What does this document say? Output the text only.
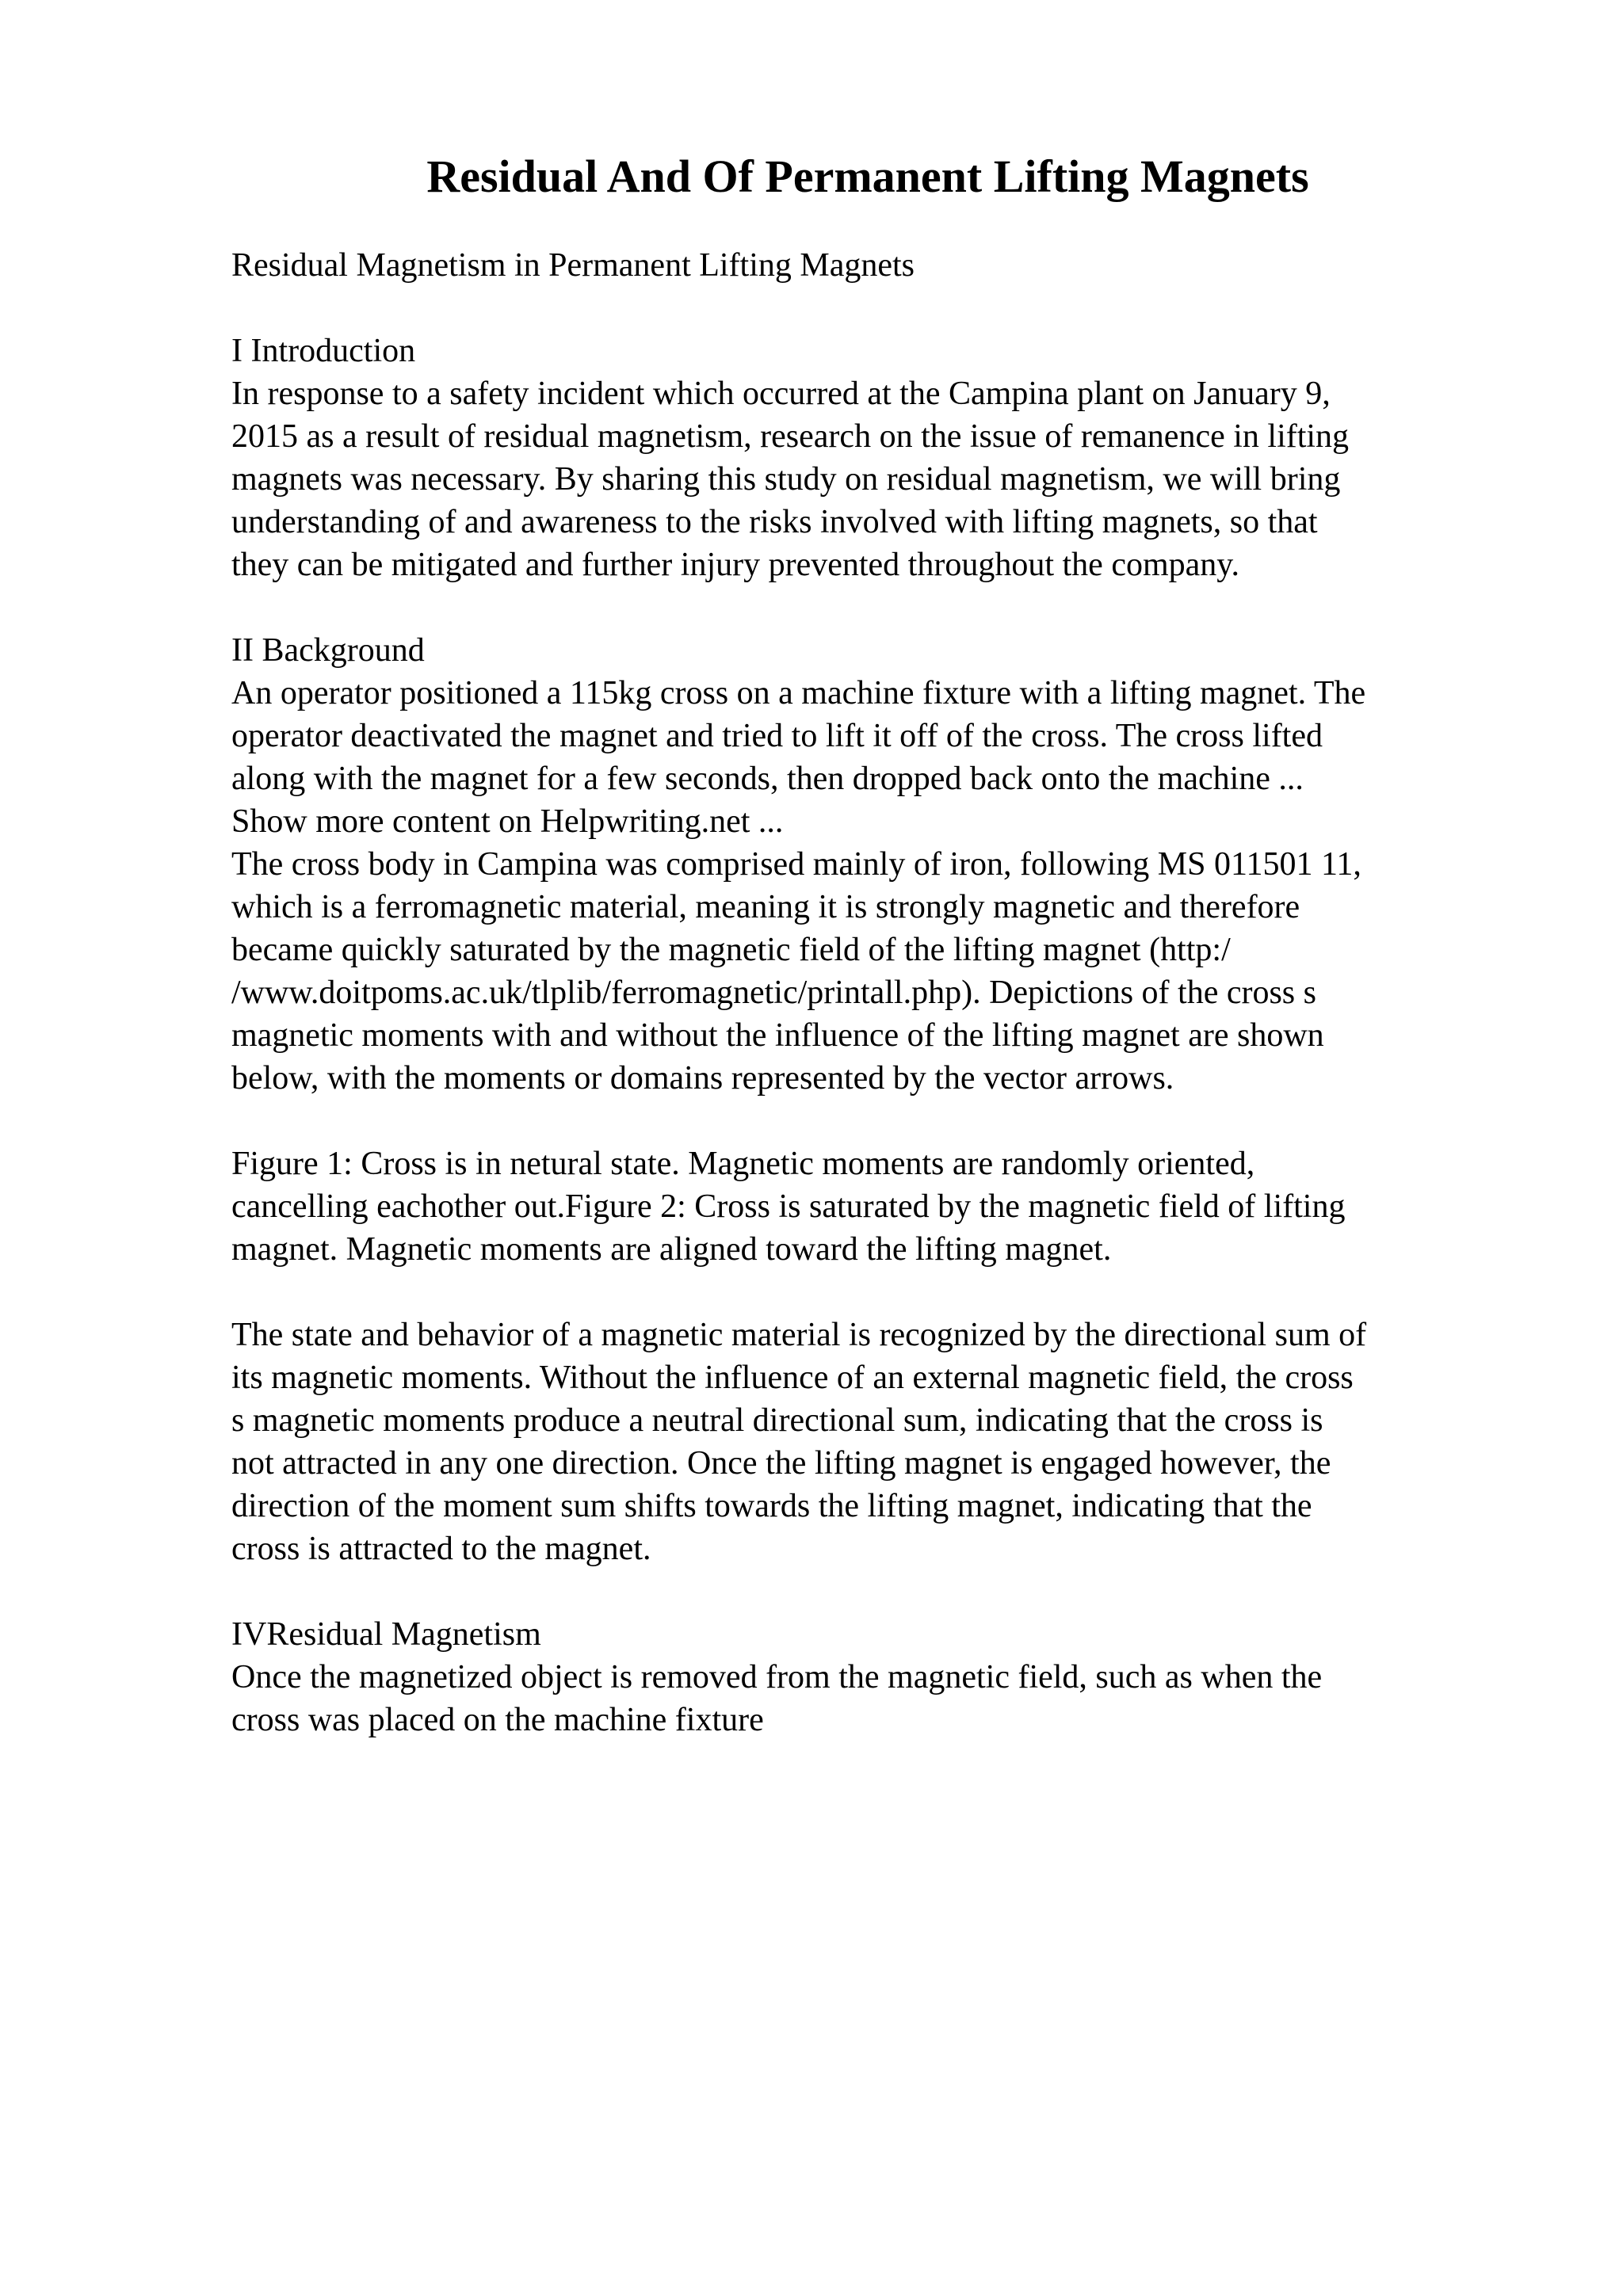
Residual And Of Permanent Lifting Magnets

Residual Magnetism in Permanent Lifting Magnets

I Introduction

In response to a safety incident which occurred at the Campina plant on January 9,
2015 as a result of residual magnetism, research on the issue of remanence in lifting
magnets was necessary. By sharing this study on residual magnetism, we will bring
understanding of and awareness to the risks involved with lifting magnets, so that
they can be mitigated and further injury prevented throughout the company.

II Background

An operator positioned a 115kg cross on a machine fixture with a lifting magnet. The
operator deactivated the magnet and tried to lift it off of the cross. The cross lifted
along with the magnet for a few seconds, then dropped back onto the machine ...

Show more content on Helpwriting.net ...

The cross body in Campina was comprised mainly of iron, following MS 011501 11,
which is a ferromagnetic material, meaning it is strongly magnetic and therefore
became quickly saturated by the magnetic field of the lifting magnet (http:/
/www.doitpoms.ac.uk/tlplib/ferromagnetic/printall.php). Depictions of the cross s
magnetic moments with and without the influence of the lifting magnet are shown
below, with the moments or domains represented by the vector arrows.

Figure 1: Cross is in netural state. Magnetic moments are randomly oriented,
cancelling eachother out.Figure 2: Cross is saturated by the magnetic field of lifting
magnet. Magnetic moments are aligned toward the lifting magnet.

The state and behavior of a magnetic material is recognized by the directional sum of
its magnetic moments. Without the influence of an external magnetic field, the cross
s magnetic moments produce a neutral directional sum, indicating that the cross is
not attracted in any one direction. Once the lifting magnet is engaged however, the
direction of the moment sum shifts towards the lifting magnet, indicating that the
cross is attracted to the magnet.

IVResidual Magnetism

Once the magnetized object is removed from the magnetic field, such as when the
cross was placed on the machine fixture
